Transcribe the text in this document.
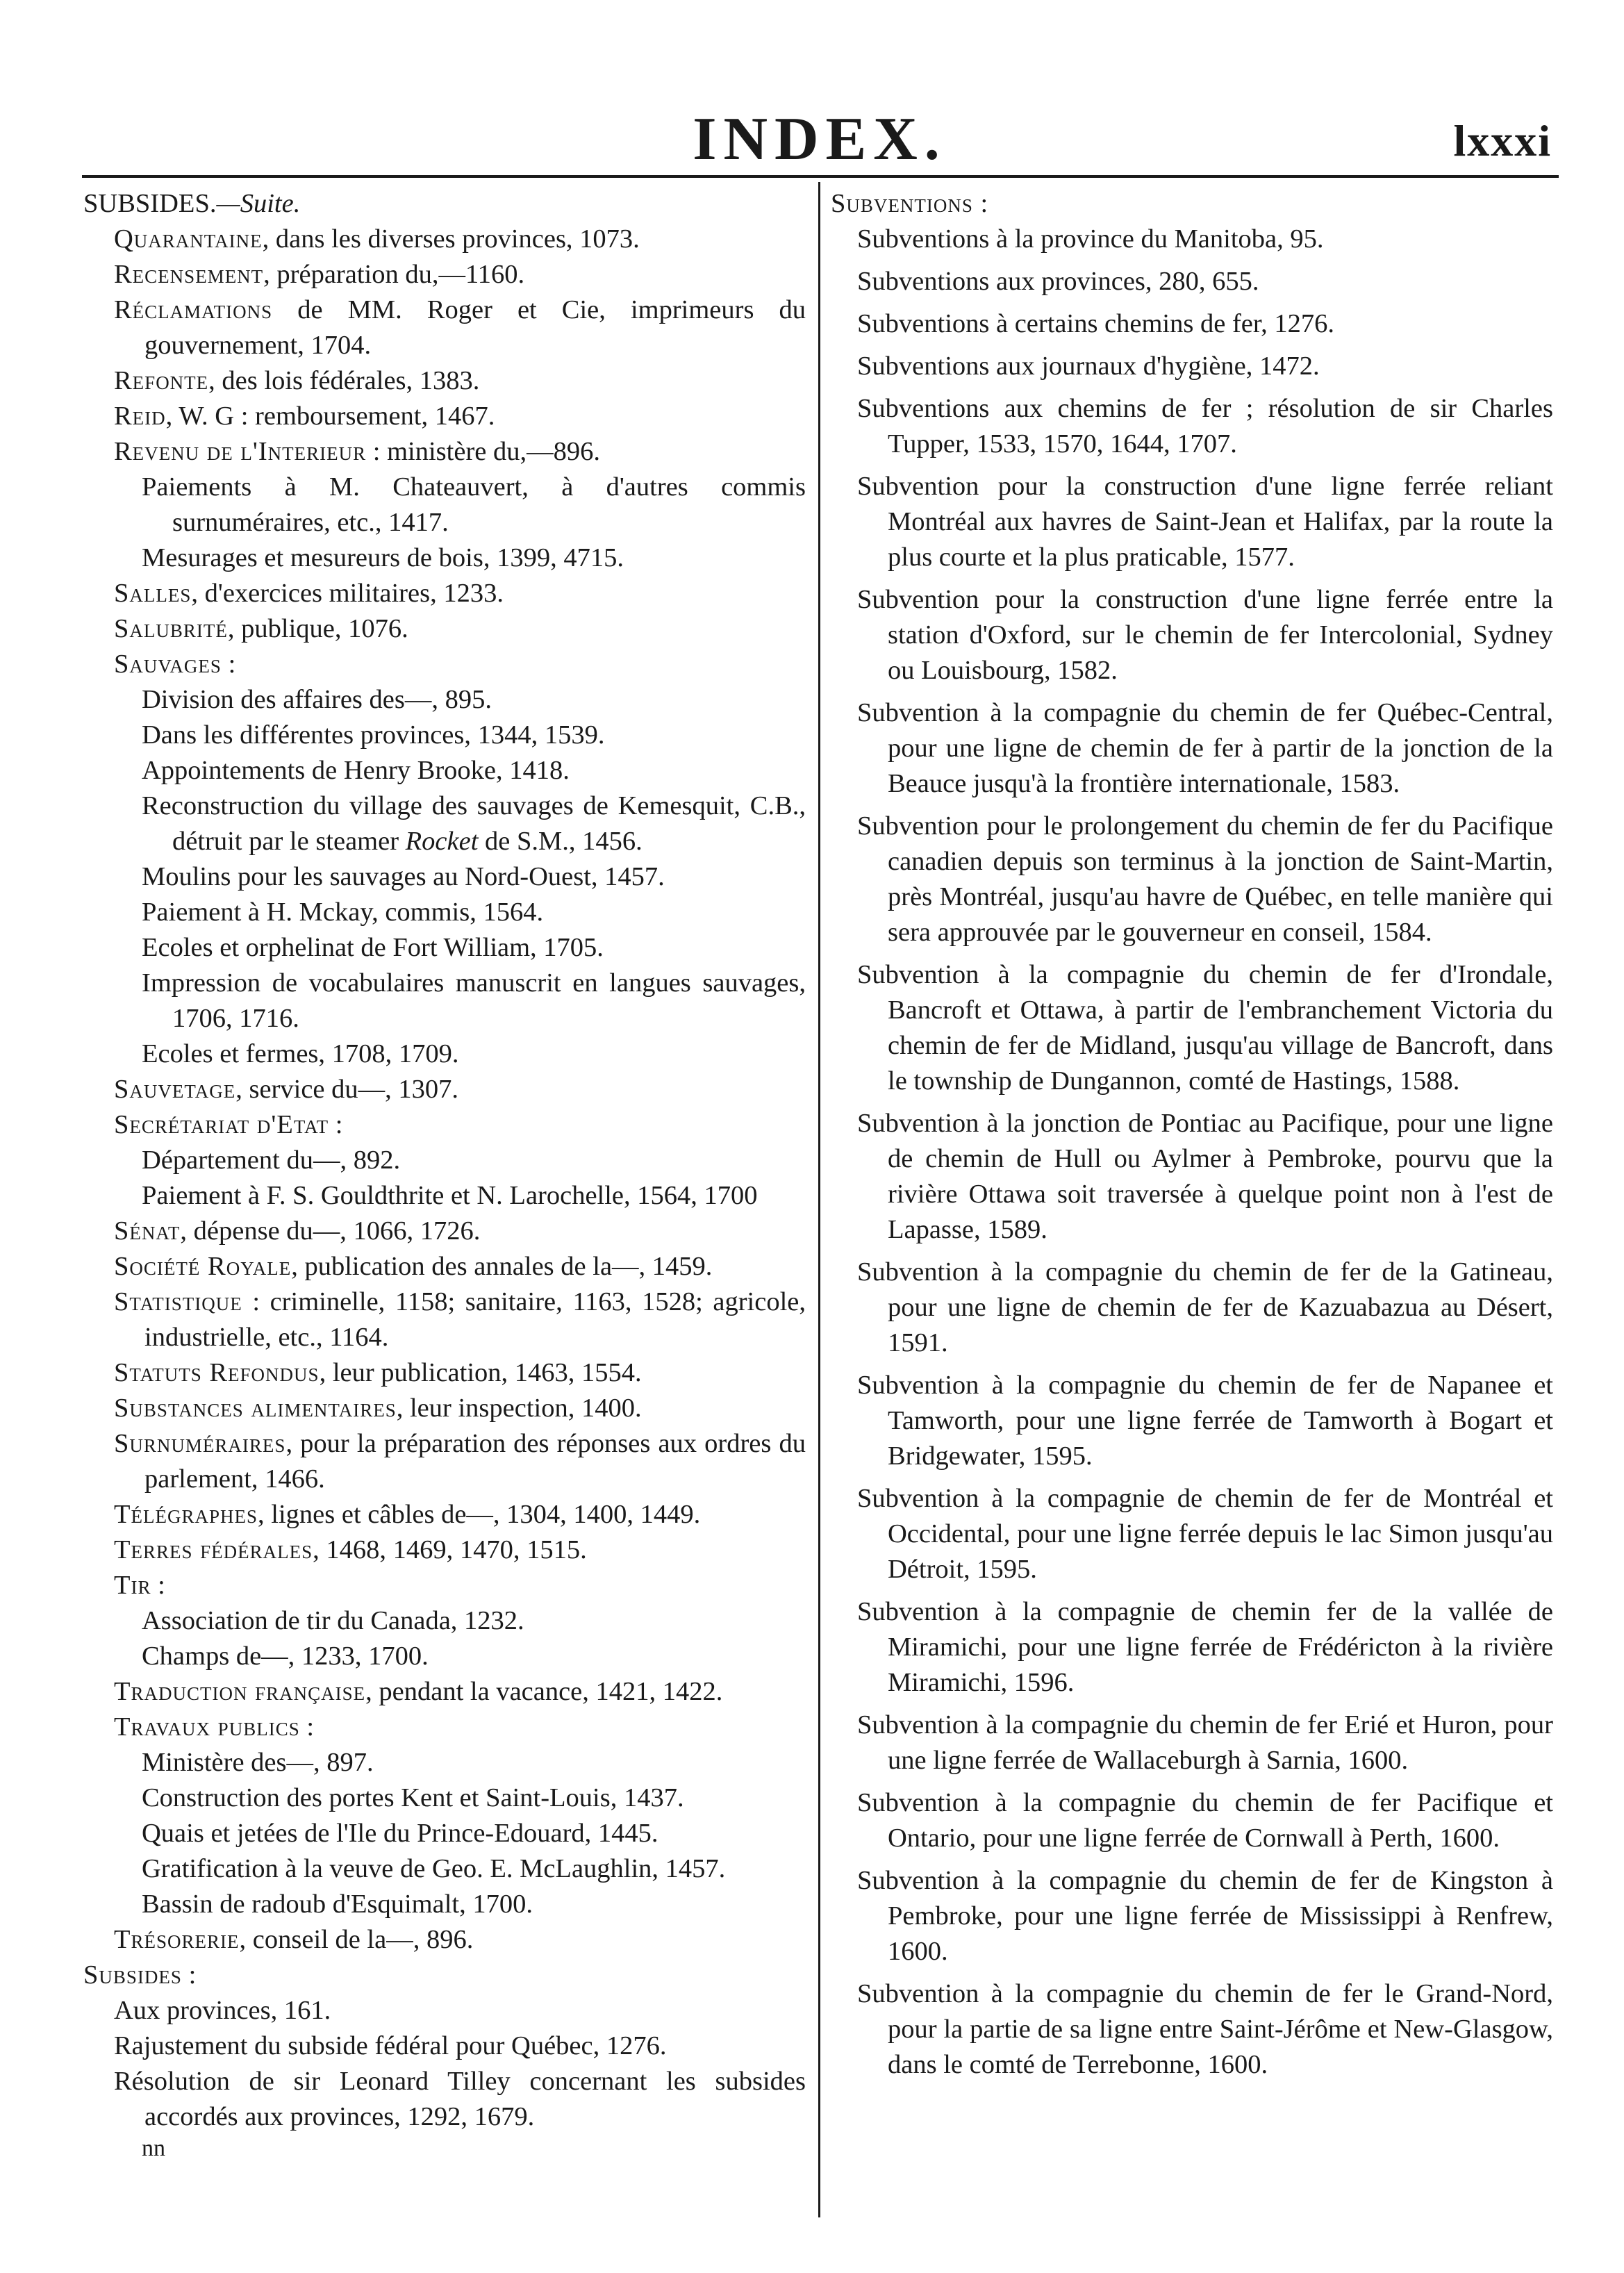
INDEX.	lxxxi
SUBSIDES.—Suite.
Quarantaine, dans les diverses provinces, 1073.
Recensement, préparation du,—1160.
Réclamations de MM. Roger et Cie, imprimeurs du gouvernement, 1704.
Refonte, des lois fédérales, 1383.
Reid, W. G : remboursement, 1467.
Revenu de l'Interieur : ministère du,—896.
Paiements à M. Chateauvert, à d'autres commis surnuméraires, etc., 1417.
Mesurages et mesureurs de bois, 1399, 4715.
Salles, d'exercices militaires, 1233.
Salubrité, publique, 1076.
Sauvages :
Division des affaires des—, 895.
Dans les différentes provinces, 1344, 1539.
Appointements de Henry Brooke, 1418.
Reconstruction du village des sauvages de Kemesquit, C.B., détruit par le steamer Rocket de S.M., 1456.
Moulins pour les sauvages au Nord-Ouest, 1457.
Paiement à H. Mckay, commis, 1564.
Ecoles et orphelinat de Fort William, 1705.
Impression de vocabulaires manuscrit en langues sauvages, 1706, 1716.
Ecoles et fermes, 1708, 1709.
Sauvetage, service du—, 1307.
Secrétariat d'Etat :
Département du—, 892.
Paiement à F. S. Gouldthrite et N. Larochelle, 1564, 1700
Sénat, dépense du—, 1066, 1726.
Société Royale, publication des annales de la—, 1459.
Statistique : criminelle, 1158; sanitaire, 1163, 1528; agricole, industrielle, etc., 1164.
Statuts Refondus, leur publication, 1463, 1554.
Substances alimentaires, leur inspection, 1400.
Surnuméraires, pour la préparation des réponses aux ordres du parlement, 1466.
Télégraphes, lignes et câbles de—, 1304, 1400, 1449.
Terres fédérales, 1468, 1469, 1470, 1515.
Tir :
Association de tir du Canada, 1232.
Champs de—, 1233, 1700.
Traduction française, pendant la vacance, 1421, 1422.
Travaux publics :
Ministère des—, 897.
Construction des portes Kent et Saint-Louis, 1437.
Quais et jetées de l'Ile du Prince-Edouard, 1445.
Gratification à la veuve de Geo. E. McLaughlin, 1457.
Bassin de radoub d'Esquimalt, 1700.
Trésorerie, conseil de la—, 896.
Subsides :
Aux provinces, 161.
Rajustement du subside fédéral pour Québec, 1276.
Résolution de sir Leonard Tilley concernant les subsides accordés aux provinces, 1292, 1679.
nn
Subventions :
Subventions à la province du Manitoba, 95.
Subventions aux provinces, 280, 655.
Subventions à certains chemins de fer, 1276.
Subventions aux journaux d'hygiène, 1472.
Subventions aux chemins de fer ; résolution de sir Charles Tupper, 1533, 1570, 1644, 1707.
Subvention pour la construction d'une ligne ferrée reliant Montréal aux havres de Saint-Jean et Halifax, par la route la plus courte et la plus praticable, 1577.
Subvention pour la construction d'une ligne ferrée entre la station d'Oxford, sur le chemin de fer Intercolonial, Sydney ou Louisbourg, 1582.
Subvention à la compagnie du chemin de fer Québec-Central, pour une ligne de chemin de fer à partir de la jonction de la Beauce jusqu'à la frontière internationale, 1583.
Subvention pour le prolongement du chemin de fer du Pacifique canadien depuis son terminus à la jonction de Saint-Martin, près Montréal, jusqu'au havre de Québec, en telle manière qui sera approuvée par le gouverneur en conseil, 1584.
Subvention à la compagnie du chemin de fer d'Irondale, Bancroft et Ottawa, à partir de l'embranchement Victoria du chemin de fer de Midland, jusqu'au village de Bancroft, dans le township de Dungannon, comté de Hastings, 1588.
Subvention à la jonction de Pontiac au Pacifique, pour une ligne de chemin de Hull ou Aylmer à Pembroke, pourvu que la rivière Ottawa soit traversée à quelque point non à l'est de Lapasse, 1589.
Subvention à la compagnie du chemin de fer de la Gatineau, pour une ligne de chemin de fer de Kazuabazua au Désert, 1591.
Subvention à la compagnie du chemin de fer de Napanee et Tamworth, pour une ligne ferrée de Tamworth à Bogart et Bridgewater, 1595.
Subvention à la compagnie de chemin de fer de Montréal et Occidental, pour une ligne ferrée depuis le lac Simon jusqu'au Détroit, 1595.
Subvention à la compagnie de chemin fer de la vallée de Miramichi, pour une ligne ferrée de Frédéricton à la rivière Miramichi, 1596.
Subvention à la compagnie du chemin de fer Erié et Huron, pour une ligne ferrée de Wallaceburgh à Sarnia, 1600.
Subvention à la compagnie du chemin de fer Pacifique et Ontario, pour une ligne ferrée de Cornwall à Perth, 1600.
Subvention à la compagnie du chemin de fer de Kingston à Pembroke, pour une ligne ferrée de Mississippi à Renfrew, 1600.
Subvention à la compagnie du chemin de fer le Grand-Nord, pour la partie de sa ligne entre Saint-Jérôme et New-Glasgow, dans le comté de Terrebonne, 1600.
